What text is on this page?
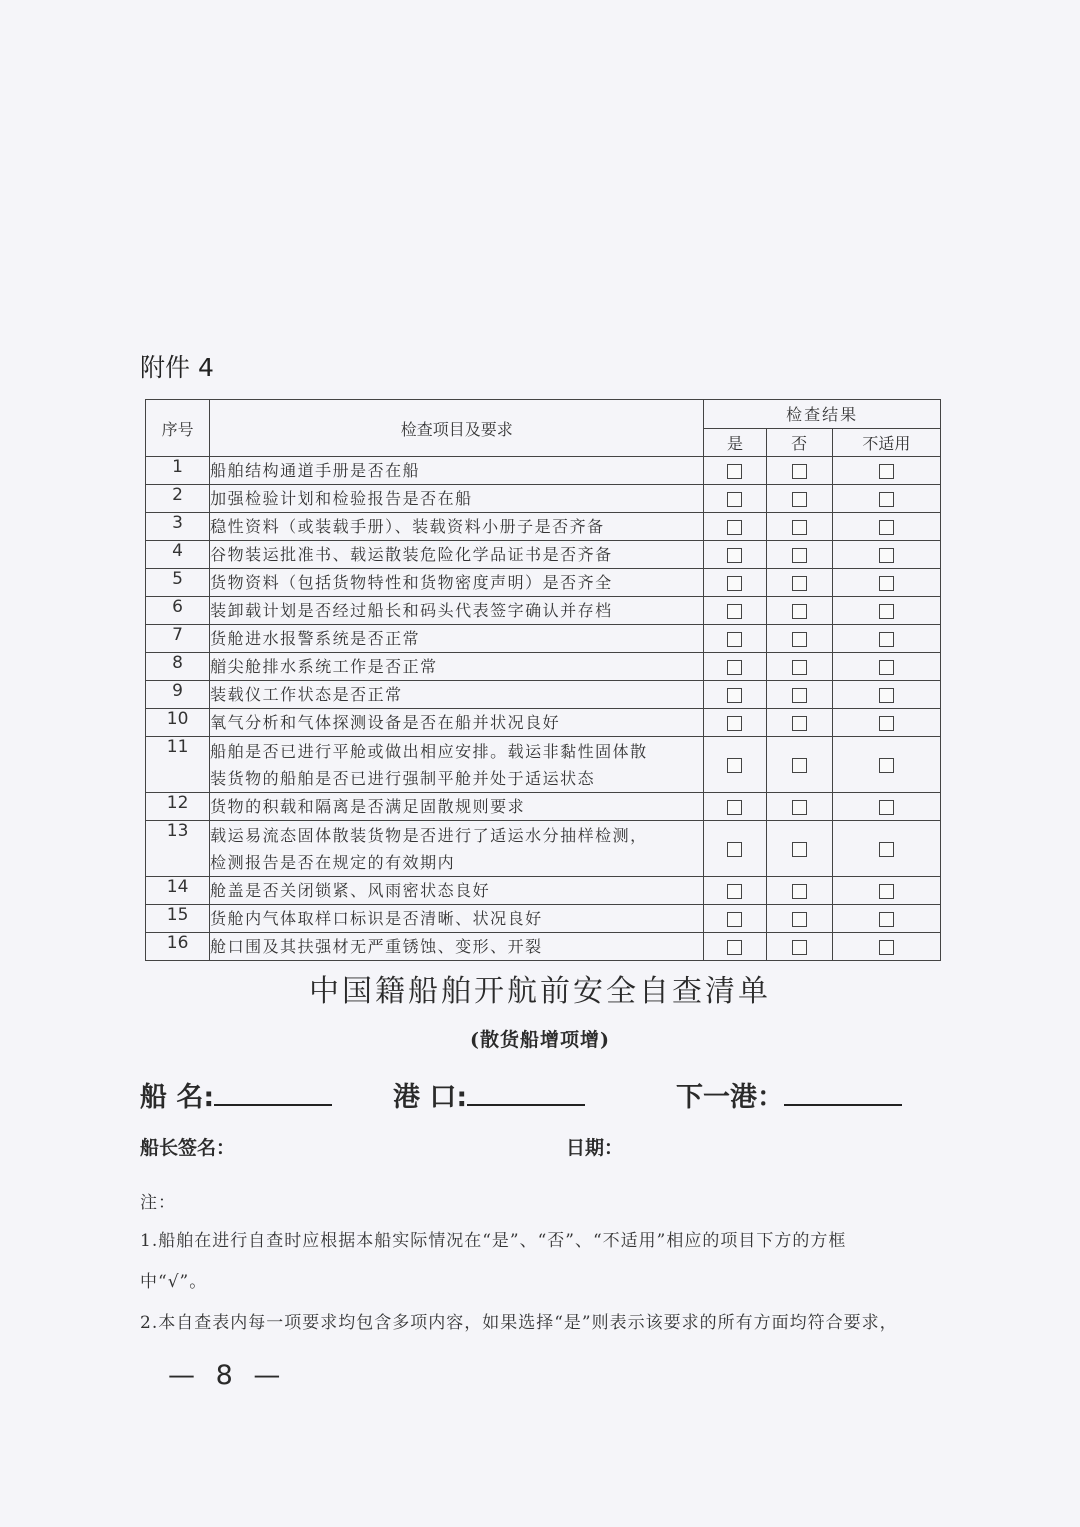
附件 4
序号	检查项目及要求	检查结果		
		是	否	不适用
1	船舶结构通道手册是否在船			

2	加强检验计划和检验报告是否在船			

3	稳性资料（或装载手册）、装载资料小册子是否齐备			

4	谷物装运批准书、载运散装危险化学品证书是否齐备			

5	货物资料（包括货物特性和货物密度声明）是否齐全			

6	装卸载计划是否经过船长和码头代表签字确认并存档			

7	货舱进水报警系统是否正常			

8	艏尖舱排水系统工作是否正常			

9	装载仪工作状态是否正常			

10	氧气分析和气体探测设备是否在船并状况良好			

11	船舶是否已进行平舱或做出相应安排。载运非黏性固体散
装货物的船舶是否已进行强制平舱并处于适运状态			

12	货物的积载和隔离是否满足固散规则要求			

13	载运易流态固体散装货物是否进行了适运水分抽样检测，
检测报告是否在规定的有效期内			

14	舱盖是否关闭锁紧、风雨密状态良好			

15	货舱内气体取样口标识是否清晰、状况良好			

16	舱口围及其扶强材无严重锈蚀、变形、开裂			

中国籍船舶开航前安全自查清单
(散货船增项增)
船 名:	港 口:	下一港：
船长签名：	日期：
注：
1.船舶在进行自查时应根据本船实际情况在“是”、“否”、“不适用”相应的项目下方的方框
中“√”。
2.本自查表内每一项要求均包含多项内容，如果选择“是”则表示该要求的所有方面均符合要求，
— 8 —
